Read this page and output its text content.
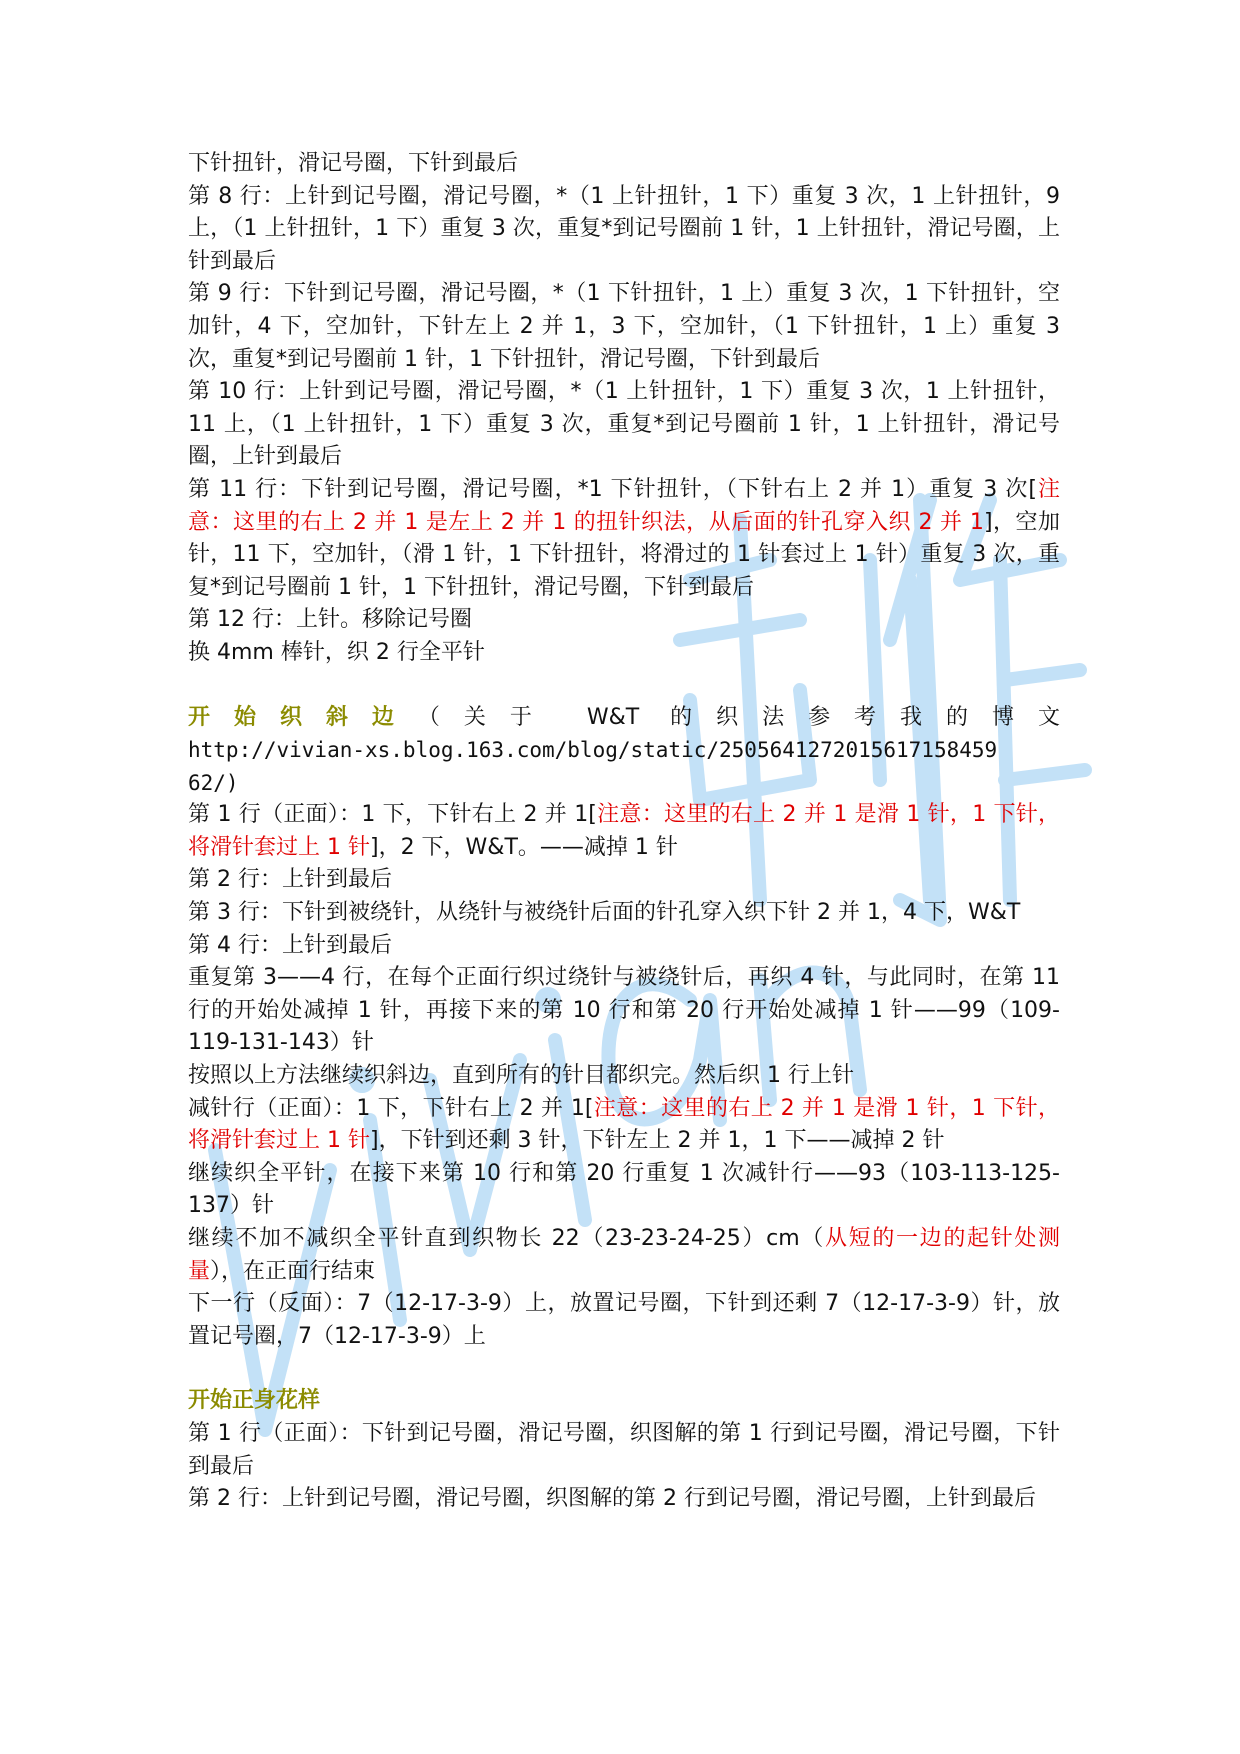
下针扭针，滑记号圈，下针到最后

第 8 行：上针到记号圈，滑记号圈，*（1 上针扭针，1 下）重复 3 次，1 上针扭针，9 上，（1 上针扭针，1 下）重复 3 次，重复*到记号圈前 1 针，1 上针扭针，滑记号圈，上针到最后

第 9 行：下针到记号圈，滑记号圈，*（1 下针扭针，1 上）重复 3 次，1 下针扭针，空加针，4 下，空加针，下针左上 2 并 1，3 下，空加针，（1 下针扭针，1 上）重复 3 次，重复*到记号圈前 1 针，1 下针扭针，滑记号圈，下针到最后

第 10 行：上针到记号圈，滑记号圈，*（1 上针扭针，1 下）重复 3 次，1 上针扭针，11 上，（1 上针扭针，1 下）重复 3 次，重复*到记号圈前 1 针，1 上针扭针，滑记号圈，上针到最后

第 11 行：下针到记号圈，滑记号圈，*1 下针扭针，（下针右上 2 并 1）重复 3 次[注意：这里的右上 2 并 1 是左上 2 并 1 的扭针织法，从后面的针孔穿入织 2 并 1]，空加针，11 下，空加针，（滑 1 针，1 下针扭针，将滑过的 1 针套过上 1 针）重复 3 次，重复*到记号圈前 1 针，1 下针扭针，滑记号圈，下针到最后

第 12 行：上针。移除记号圈

换 4mm 棒针，织 2 行全平针

开始织斜边（关于 W&T 的织法参考我的博文

http://vivian-xs.blog.163.com/blog/static/2505641272015617158459 62/)

第 1 行（正面）：1 下，下针右上 2 并 1[注意：这里的右上 2 并 1 是滑 1 针，1 下针，将滑针套过上 1 针]，2 下，W&T。——减掉 1 针

第 2 行：上针到最后

第 3 行：下针到被绕针，从绕针与被绕针后面的针孔穿入织下针 2 并 1，4 下，W&T

第 4 行：上针到最后

重复第 3——4 行，在每个正面行织过绕针与被绕针后，再织 4 针，与此同时，在第 11 行的开始处减掉 1 针，再接下来的第 10 行和第 20 行开始处减掉 1 针——99（109-119-131-143）针

按照以上方法继续织斜边，直到所有的针目都织完。然后织 1 行上针

减针行（正面）：1 下，下针右上 2 并 1[注意：这里的右上 2 并 1 是滑 1 针，1 下针，将滑针套过上 1 针]，下针到还剩 3 针，下针左上 2 并 1，1 下——减掉 2 针

继续织全平针，在接下来第 10 行和第 20 行重复 1 次减针行——93（103-113-125-137）针

继续不加不减织全平针直到织物长 22（23-23-24-25）cm（从短的一边的起针处测量），在正面行结束

下一行（反面）：7（12-17-3-9）上，放置记号圈，下针到还剩 7（12-17-3-9）针，放置记号圈，7（12-17-3-9）上

开始正身花样

第 1 行（正面）：下针到记号圈，滑记号圈，织图解的第 1 行到记号圈，滑记号圈，下针到最后

第 2 行：上针到记号圈，滑记号圈，织图解的第 2 行到记号圈，滑记号圈，上针到最后
